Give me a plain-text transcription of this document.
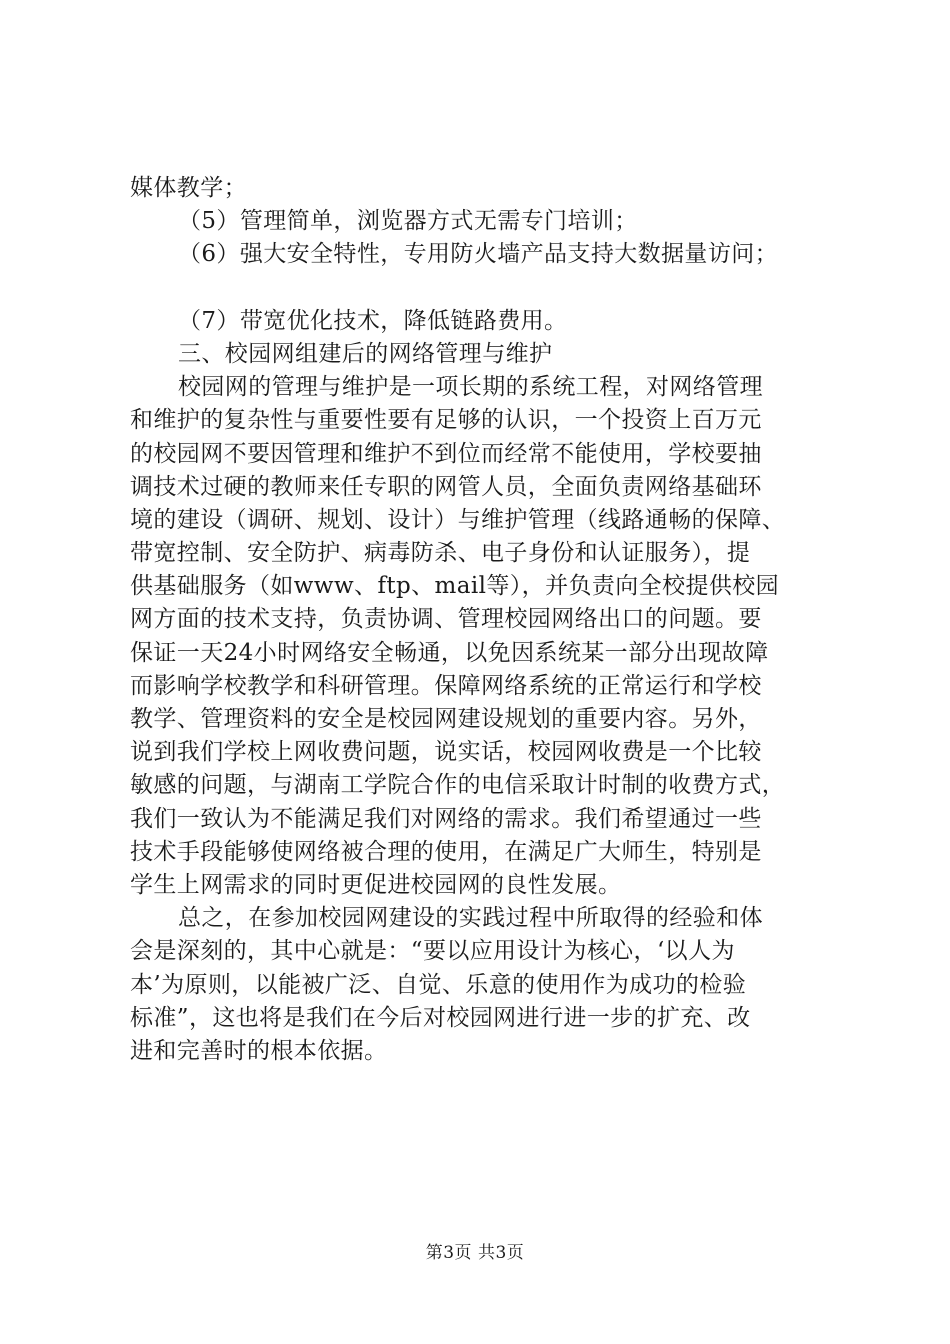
媒体教学；
（5）管理简单，浏览器方式无需专门培训；
（6）强大安全特性，专用防火墙产品支持大数据量访问；
（7）带宽优化技术，降低链路费用。
三、校园网组建后的网络管理与维护
校园网的管理与维护是一项长期的系统工程，对网络管理
和维护的复杂性与重要性要有足够的认识，一个投资上百万元
的校园网不要因管理和维护不到位而经常不能使用，学校要抽
调技术过硬的教师来任专职的网管人员，全面负责网络基础环
境的建设（调研、规划、设计）与维护管理（线路通畅的保障、
带宽控制、安全防护、病毒防杀、电子身份和认证服务），提
供基础服务（如www、ftp、mail等），并负责向全校提供校园
网方面的技术支持，负责协调、管理校园网络出口的问题。要
保证一天24小时网络安全畅通，以免因系统某一部分出现故障
而影响学校教学和科研管理。保障网络系统的正常运行和学校
教学、管理资料的安全是校园网建设规划的重要内容。另外，
说到我们学校上网收费问题，说实话，校园网收费是一个比较
敏感的问题，与湖南工学院合作的电信采取计时制的收费方式，
我们一致认为不能满足我们对网络的需求。我们希望通过一些
技术手段能够使网络被合理的使用，在满足广大师生，特别是
学生上网需求的同时更促进校园网的良性发展。
总之，在参加校园网建设的实践过程中所取得的经验和体
会是深刻的，其中心就是：“要以应用设计为核心，‘以人为
本’为原则，以能被广泛、自觉、乐意的使用作为成功的检验
标准”，这也将是我们在今后对校园网进行进一步的扩充、改
进和完善时的根本依据。
第3页 共3页
